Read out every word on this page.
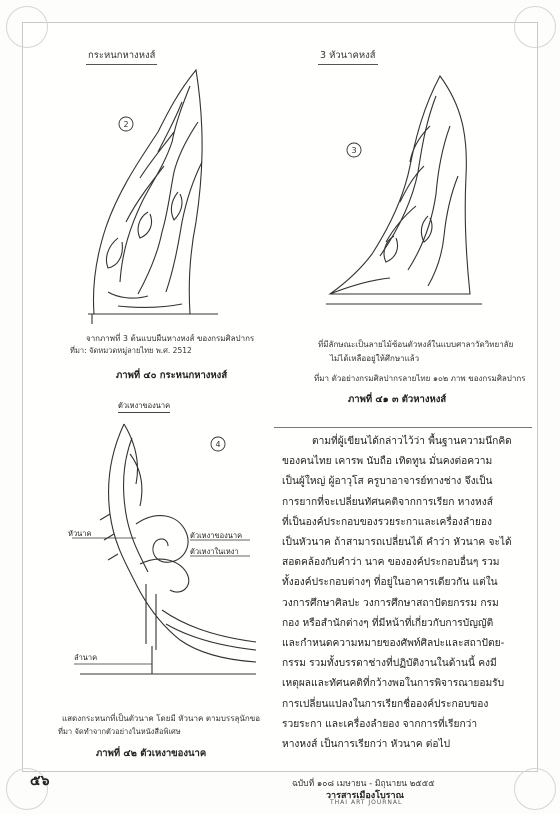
กระหนกหางหงส์	3 หัวนาคหงส์
2
จากภาพที่ 3 ต้นแบบผืนหางหงส์ ของกรมศิลปากร
ที่มา: จัดหมวดหมู่ลายไทย พ.ศ. 2512
ภาพที่ ๔๐ กระหนกหางหงส์
3
ที่มีลักษณะเป็นลายไม้ซ้อนตัวหงส์ในแบบศาลาวัดวิทยาลัย
ไม่ได้เหลืออยู่ให้ศึกษาแล้ว
ที่มา ตัวอย่างกรมศิลปากรลายไทย ๑๐๒ ภาพ ของกรมศิลปากร
ภาพที่ ๔๑ ๓ ตัวหางหงส์
ตัวเหงาของนาค
4
หัวนาค	ตัวเหงาของนาค
ตัวเหงาในเหงา
ลำนาค
แสดงกระหนกที่เป็นตัวนาค โดยมี หัวนาค ตามบรรลุนักขอ
ที่มา จัดทำจากตัวอย่างในหนังสือพิเศษ
ภาพที่ ๔๒ ตัวเหงาของนาค
ตามที่ผู้เขียนได้กล่าวไว้ว่า พื้นฐานความนึกคิด
ของคนไทย เคารพ นับถือ เทิดทูน มั่นคงต่อความ
เป็นผู้ใหญ่ ผู้อาวุโส ครูบาอาจารย์ทางช่าง จึงเป็น
การยากที่จะเปลี่ยนทัศนคติจากการเรียก หางหงส์
ที่เป็นองค์ประกอบของรวยระกาและเครื่องลำยอง
เป็นหัวนาค ถ้าสามารถเปลี่ยนได้ คำว่า หัวนาค จะได้
สอดคล้องกับคำว่า นาค ขององค์ประกอบอื่นๆ รวม
ทั้งองค์ประกอบต่างๆ ที่อยู่ในอาคารเดียวกัน แต่ใน
วงการศึกษาศิลปะ วงการศึกษาสถาปัตยกรรม กรม
กอง หรือสำนักต่างๆ ที่มีหน้าที่เกี่ยวกับการบัญญัติ
และกำหนดความหมายของศัพท์ศิลปะและสถาปัตย-
กรรม รวมทั้งบรรดาช่างที่ปฏิบัติงานในด้านนี้ คงมี
เหตุผลและทัศนคติที่กว้างพอในการพิจารณายอมรับ
การเปลี่ยนแปลงในการเรียกชื่อองค์ประกอบของ
รวยระกา และเครื่องลำยอง จากการที่เรียกว่า
หางหงส์ เป็นการเรียกว่า หัวนาค ต่อไป
๕๖	ฉบับที่ ๑๐๘ เมษายน - มิถุนายน ๒๕๕๕
วารสารเมืองโบราณ
THAI ART JOURNAL
